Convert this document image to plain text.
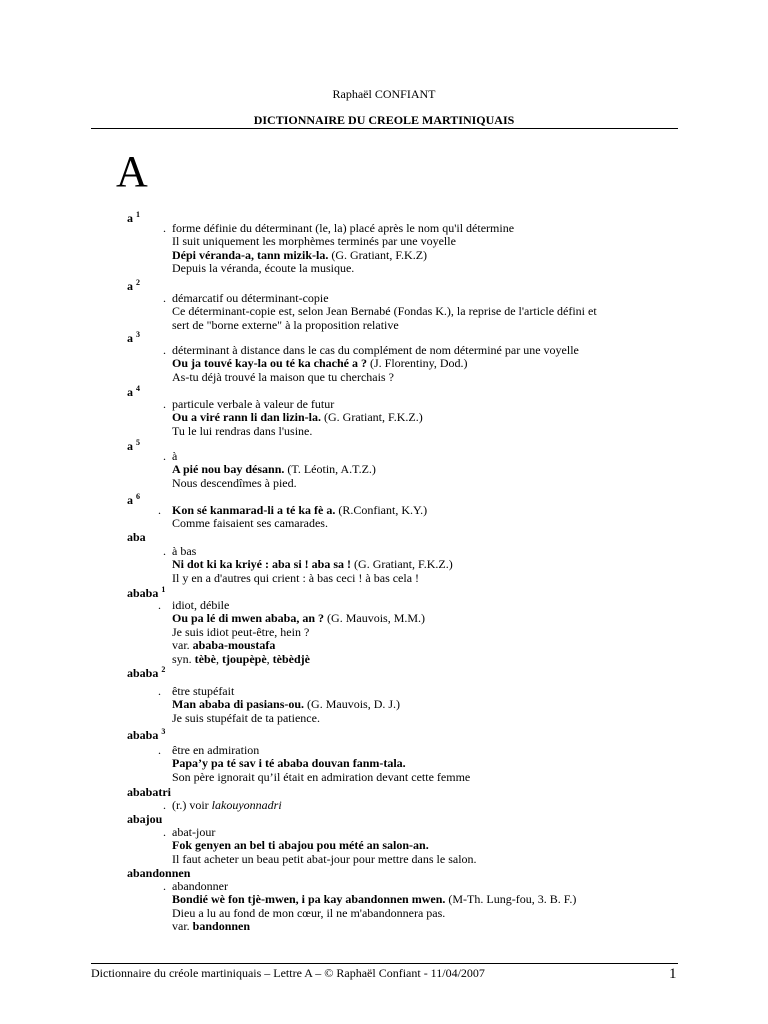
Raphaël CONFIANT
DICTIONNAIRE DU CREOLE MARTINIQUAIS
A
a $^1$
. forme définie du déterminant (le, la) placé après le nom qu'il détermine
Il suit uniquement les morphèmes terminés par une voyelle
Dépi véranda-a, tann mizik-la. (G. Gratiant, F.K.Z)
Depuis la véranda, écoute la musique.
a $^2$
. démarcatif ou déterminant-copie
Ce déterminant-copie est, selon Jean Bernabé (Fondas K.), la reprise de l'article défini et
sert de "borne externe" à la proposition relative
a $^3$
. déterminant à distance dans le cas du complément de nom déterminé par une voyelle
Ou ja touvé kay-la ou té ka chaché a ? (J. Florentiny, Dod.)
As-tu déjà trouvé la maison que tu cherchais ?
a $^4$
. particule verbale à valeur de futur
Ou a viré rann li dan lizin-la. (G. Gratiant, F.K.Z.)
Tu le lui rendras dans l'usine.
a $^5$
. à
A pié nou bay désann. (T. Léotin, A.T.Z.)
Nous descendîmes à pied.
a $^6$
. Kon sé kanmarad-li a té ka fè a. (R.Confiant, K.Y.)
Comme faisaient ses camarades.
aba
. à bas
Ni dot ki ka kriyé : aba si ! aba sa ! (G. Gratiant, F.K.Z.)
Il y en a d'autres qui crient : à bas ceci ! à bas cela !
ababa $^1$
. idiot, débile
Ou pa lé di mwen ababa, an ? (G. Mauvois, M.M.)
Je suis idiot peut-être, hein ?
var. ababa-moustafa
syn. tèbè, tjoupèpè, tèbèdjè
ababa $^2$
. être stupéfait
Man ababa di pasians-ou. (G. Mauvois, D. J.)
Je suis stupéfait de ta patience.
ababa $^3$
. être en admiration
Papa’y pa té sav i té ababa douvan fanm-tala.
Son père ignorait qu’il était en admiration devant cette femme
ababatri
. (r.) voir lakouyonnadri
abajou
. abat-jour
Fok genyen an bel ti abajou pou mété an salon-an.
Il faut acheter un beau petit abat-jour pour mettre dans le salon.
abandonnen
. abandonner
Bondié wè fon tjè-mwen, i pa kay abandonnen mwen. (M-Th. Lung-fou, 3. B. F.)
Dieu a lu au fond de mon cœur, il ne m'abandonnera pas.
var. bandonnen
Dictionnaire du créole martiniquais – Lettre A – © Raphaël Confiant - 11/04/2007	1
